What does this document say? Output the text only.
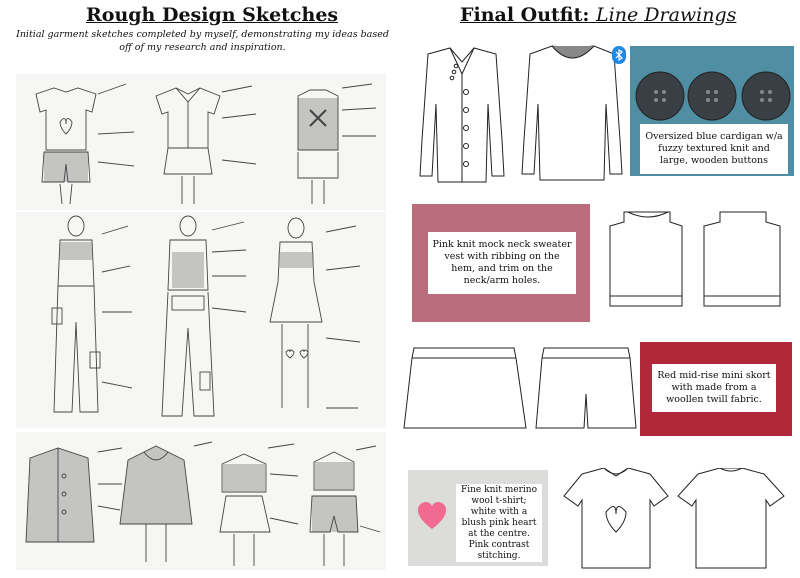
Rough Design Sketches
Initial garment sketches completed by myself, demonstrating my ideas based off of my research and inspiration.
Final Outfit: Line Drawings
Oversized blue cardigan w/a fuzzy textured knit and large, wooden buttons
Pink knit mock neck sweater vest with ribbing on the hem, and trim on the neck/arm holes.
Red mid-rise mini skort with made from a woollen twill fabric.
Fine knit merino wool t-shirt; white with a blush pink heart at the centre. Pink contrast stitching.
